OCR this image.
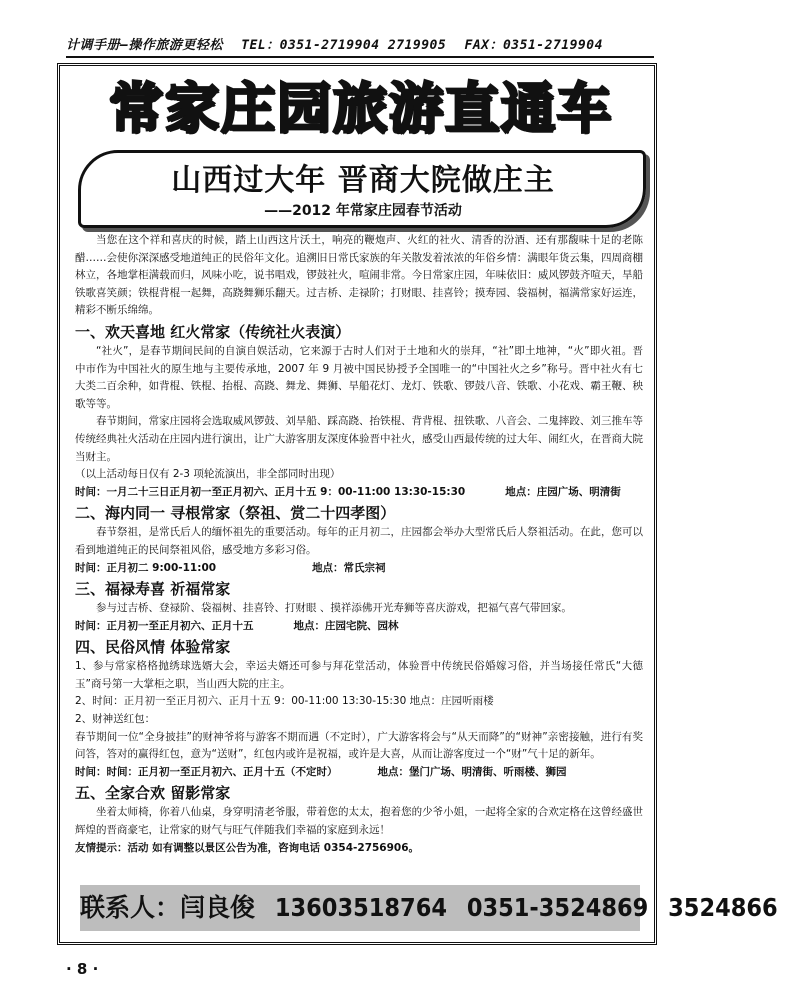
计调手册—操作旅游更轻松 TEL：0351-2719904 2719905 FAX：0351-2719904
常家庄园旅游直通车
山西过大年 晋商大院做庄主
——2012 年常家庄园春节活动

当您在这个祥和喜庆的时候，踏上山西这片沃土，响亮的鞭炮声、火红的社火、清香的汾酒、还有那馥味十足的老陈醋……会使你深深感受地道纯正的民俗年文化。追溯旧日常氏家族的年关散发着浓浓的年俗乡情：满眼年货云集，四周商棚林立，各地掌柜满载而归，风味小吃，说书唱戏，锣鼓社火，喧闹非常。今日常家庄园，年味依旧：威风锣鼓齐喧天，旱船铁歌喜笑颜；铁棍背棍一起舞，高跷舞狮乐翻天。过吉桥、走禄阶；打财眼、挂喜铃；摸寿园、袋福树，福满常家好运连，精彩不断乐绵绵。

一、欢天喜地 红火常家（传统社火表演）

“社火”，是春节期间民间的自演自娱活动，它来源于古时人们对于土地和火的崇拜，“社”即土地神，“火”即火祖。晋中市作为中国社火的原生地与主要传承地，2007 年 9 月被中国民协授予全国唯一的“中国社火之乡”称号。晋中社火有七大类二百余种，如背棍、铁棍、抬棍、高跷、舞龙、舞狮、旱船花灯、龙灯、铁歌、锣鼓八音、铁歌、小花戏、霸王鞭、秧歌等等。

春节期间，常家庄园将会选取威风锣鼓、刘旱船、踩高跷、抬铁棍、背背棍、扭铁歌、八音会、二鬼摔跤、刘三推车等传统经典社火活动在庄园内进行演出，让广大游客朋友深度体验晋中社火，感受山西最传统的过大年、闹红火，在晋商大院当财主。

（以上活动每日仅有 2-3 项轮流演出，非全部同时出现）

时间：一月二十三日正月初一至正月初六、正月十五 9：00-11:00 13:30-15:30	地点：庄园广场、明清街

二、海内同一 寻根常家（祭祖、赏二十四孝图）

春节祭祖，是常氏后人的缅怀祖先的重要活动。每年的正月初二，庄园都会举办大型常氏后人祭祖活动。在此，您可以看到地道纯正的民间祭祖风俗，感受地方多彩习俗。

时间：正月初二 9:00-11:00	地点：常氏宗祠

三、福禄寿喜 祈福常家

参与过吉桥、登禄阶、袋福树、挂喜铃、打财眼 、摸祥添佛开光寿狮等喜庆游戏，把福气喜气带回家。

时间：正月初一至正月初六、正月十五	地点：庄园宅院、园林

四、民俗风情 体验常家

1、参与常家格格抛绣球选婿大会，幸运夫婿还可参与拜花堂活动，体验晋中传统民俗婚嫁习俗，并当场接任常氏“大德玉”商号第一大掌柜之职，当山西大院的庄主。

2、时间：正月初一至正月初六、正月十五 9：00-11:00 13:30-15:30 地点：庄园听雨楼

2、财神送红包：

春节期间一位“全身披挂”的财神爷将与游客不期而遇（不定时），广大游客将会与“从天而降”的“财神”亲密接触，进行有奖问答，答对的赢得红包，意为“送财”，红包内或许是祝福，或许是大喜，从而让游客度过一个“财”气十足的新年。

时间：时间：正月初一至正月初六、正月十五（不定时）	地点：堡门广场、明清街、听雨楼、狮园

五、全家合欢 留影常家

坐着太师椅，你着八仙桌，身穿明清老爷服，带着您的太太，抱着您的少爷小姐，一起将全家的合欢定格在这曾经盛世辉煌的晋商豪宅，让常家的财气与旺气伴随我们幸福的家庭到永远！

友情提示：活动 如有调整以景区公告为准，咨询电话 0354-2756906。

联系人：闫良俊 13603518764 0351-3524869 3524866
· 8 ·
